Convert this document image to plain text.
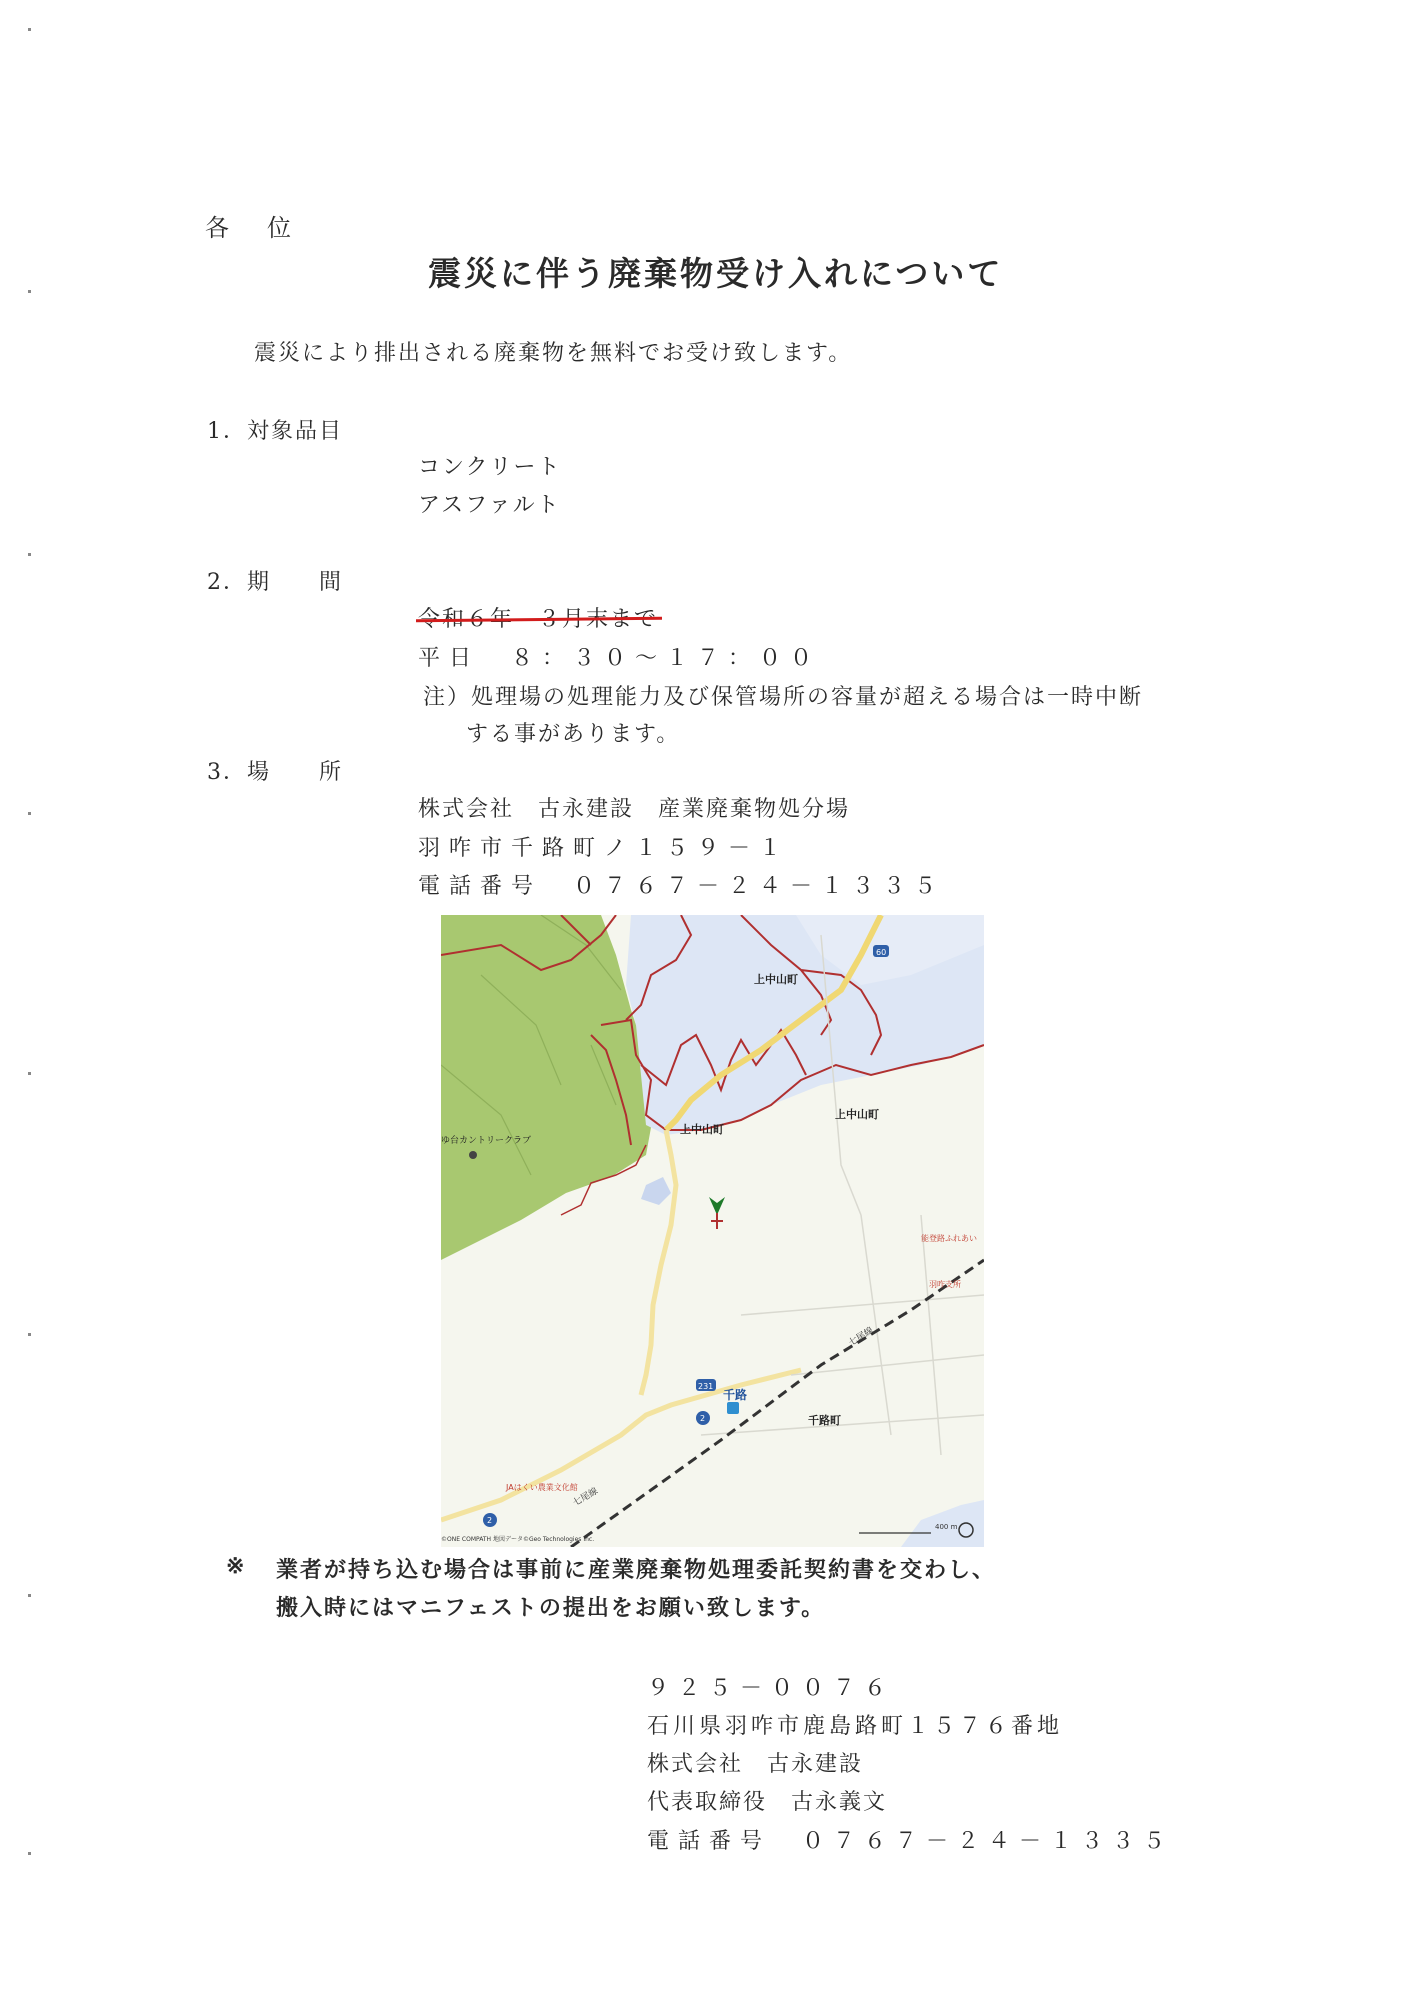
各位
震災に伴う廃棄物受け入れについて
震災により排出される廃棄物を無料でお受け致します。
1．対象品目
コンクリート
アスファルト
2．期　　間
令和６年　３月末まで
平日　８：３０～１７：００
注）処理場の処理能力及び保管場所の容量が超える場合は一時中断
する事があります。
3．場　　所
株式会社　古永建設　産業廃棄物処分場
羽咋市千路町ノ１５９－１
電話番号　０７６７－２４－１３３５
上中山町
上中山町
上中山町
ゆ台カントリークラブ
千路
千路町
七尾線
七尾線
JAはくい農業文化館
能登路ふれあい
羽咋支所
60
231
2
2
400 m
©ONE COMPATH 地図データ©Geo Technologies Inc.
※ 業者が持ち込む場合は事前に産業廃棄物処理委託契約書を交わし、
搬入時にはマニフェストの提出をお願い致します。
９２５－００７６
石川県羽咋市鹿島路町１５７６番地
株式会社　古永建設
代表取締役　古永義文
電話番号　０７６７－２４－１３３５
